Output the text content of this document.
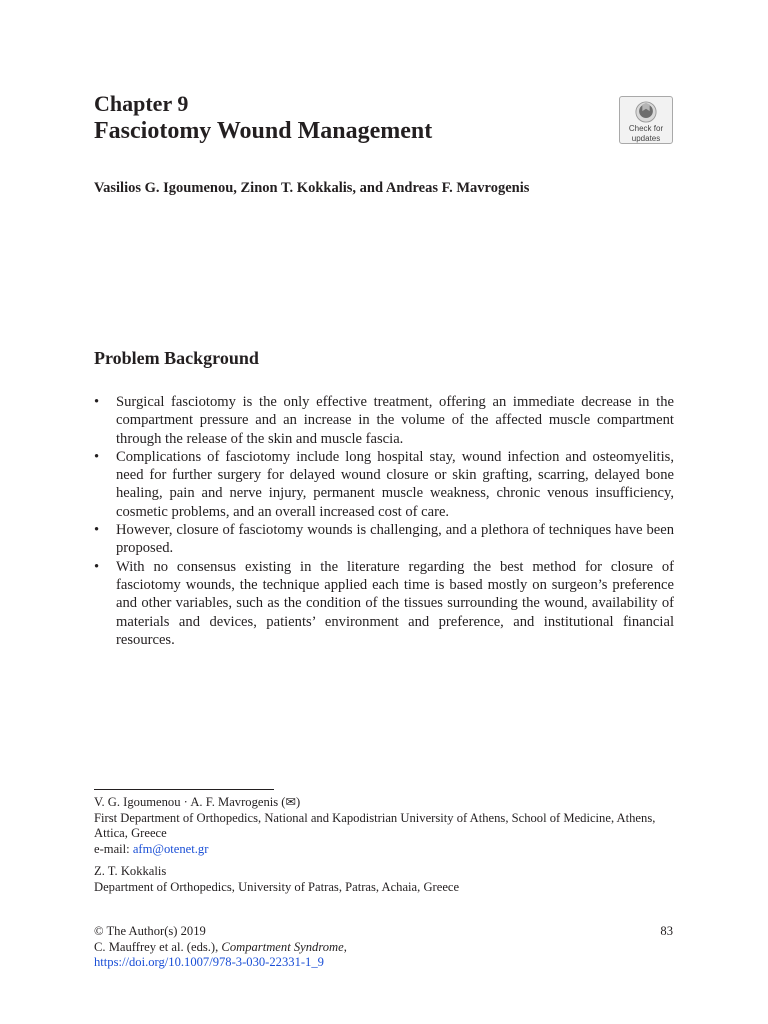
Chapter 9
Fasciotomy Wound Management	Check for
updates
Vasilios G. Igoumenou, Zinon T. Kokkalis, and Andreas F. Mavrogenis
Problem Background
• Surgical fasciotomy is the only effective treatment, offering an immediate decrease in the compartment pressure and an increase in the volume of the affected muscle compartment through the release of the skin and muscle fascia.
• Complications of fasciotomy include long hospital stay, wound infection and osteomyelitis, need for further surgery for delayed wound closure or skin grafting, scarring, delayed bone healing, pain and nerve injury, permanent muscle weakness, chronic venous insufficiency, cosmetic problems, and an overall increased cost of care.
• However, closure of fasciotomy wounds is challenging, and a plethora of techniques have been proposed.
• With no consensus existing in the literature regarding the best method for closure of fasciotomy wounds, the technique applied each time is based mostly on surgeon’s preference and other variables, such as the condition of the tissues surrounding the wound, availability of materials and devices, patients’ environment and preference, and institutional financial resources.
V. G. Igoumenou · A. F. Mavrogenis (✉)
First Department of Orthopedics, National and Kapodistrian University of Athens, School of Medicine, Athens, Attica, Greece
e-mail: afm@otenet.gr
Z. T. Kokkalis
Department of Orthopedics, University of Patras, Patras, Achaia, Greece
© The Author(s) 2019
C. Mauffrey et al. (eds.), Compartment Syndrome,
https://doi.org/10.1007/978-3-030-22331-1_9
83
